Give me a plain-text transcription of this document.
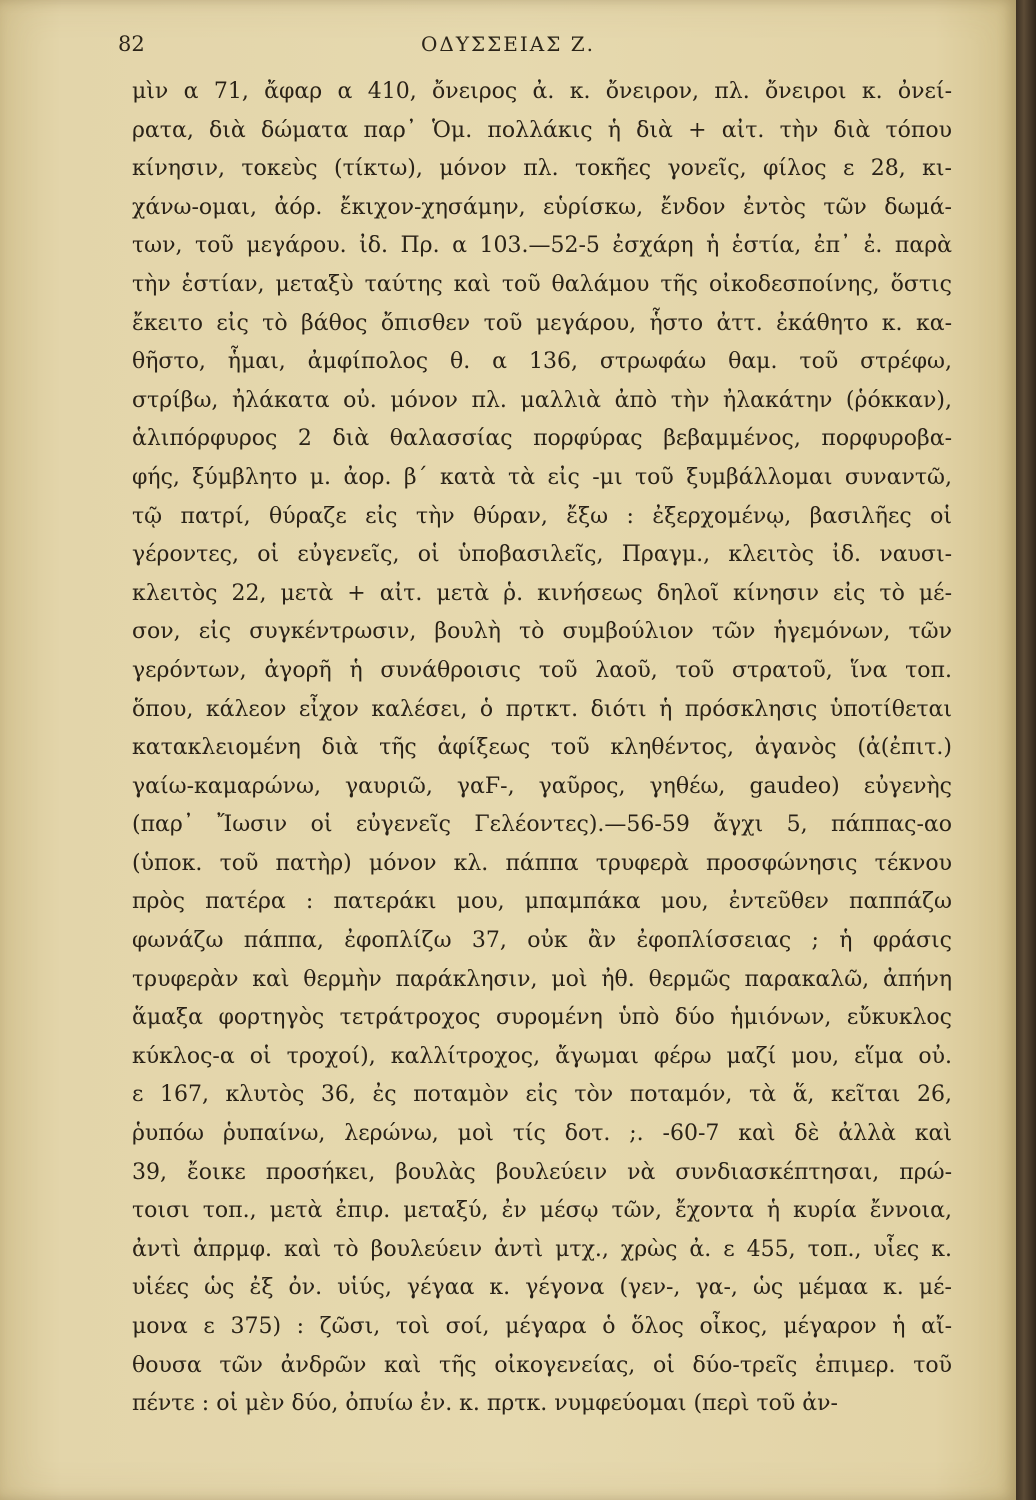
82	ΟΔΥΣΣΕΙΑΣ Ζ.
μὶν α 71, ἄφαρ α 410, ὄνειρος ἀ. κ. ὄνειρον, πλ. ὄνειροι κ. ὀνεί-
ρατα, διὰ δώματα παρ᾽ Ὁμ. πολλάκις ἡ διὰ + αἰτ. τὴν διὰ τόπου
κίνησιν, τοκεὺς (τίκτω), μόνον πλ. τοκῆες γονεῖς, φίλος ε 28, κι-
χάνω-ομαι, ἀόρ. ἔκιχον-χησάμην, εὑρίσκω, ἔνδον ἐντὸς τῶν δωμά-
των, τοῦ μεγάρου. ἰδ. Πρ. α 103.—52-5 ἐσχάρη ἡ ἑστία, ἐπ᾽ ἐ. παρὰ
τὴν ἑστίαν, μεταξὺ ταύτης καὶ τοῦ θαλάμου τῆς οἰκοδεσποίνης, ὅστις
ἔκειτο εἰς τὸ βάθος ὄπισθεν τοῦ μεγάρου, ἧστο ἀττ. ἐκάθητο κ. κα-
θῆστο, ἧμαι, ἀμφίπολος θ. α 136, στρωφάω θαμ. τοῦ στρέφω,
στρίβω, ἠλάκατα οὐ. μόνον πλ. μαλλιὰ ἀπὸ τὴν ἠλακάτην (ῥόκκαν),
ἁλιπόρφυρος 2 διὰ θαλασσίας πορφύρας βεβαμμένος, πορφυροβα-
φής, ξύμβλητο μ. ἀορ. β´ κατὰ τὰ εἰς -μι τοῦ ξυμβάλλομαι συναντῶ,
τῷ πατρί, θύραζε εἰς τὴν θύραν, ἔξω : ἐξερχομένῳ, βασιλῆες οἱ
γέροντες, οἱ εὐγενεῖς, οἱ ὑποβασιλεῖς, Πραγμ., κλειτὸς ἰδ. ναυσι-
κλειτὸς 22, μετὰ + αἰτ. μετὰ ῥ. κινήσεως δηλοῖ κίνησιν εἰς τὸ μέ-
σον, εἰς συγκέντρωσιν, βουλὴ τὸ συμβούλιον τῶν ἡγεμόνων, τῶν
γερόντων, ἀγορῆ ἡ συνάθροισις τοῦ λαοῦ, τοῦ στρατοῦ, ἵνα τοπ.
ὅπου, κάλεον εἶχον καλέσει, ὁ πρτκτ. διότι ἡ πρόσκλησις ὑποτίθεται
κατακλειομένη διὰ τῆς ἀφίξεως τοῦ κληθέντος, ἀγανὸς (ἀ(ἐπιτ.)
γαίω-καμαρώνω, γαυριῶ, γαϜ-, γαῦρος, γηθέω, gaudeo) εὐγενὴς
(παρ᾽ Ἴωσιν οἱ εὐγενεῖς Γελέοντες).—56-59 ἄγχι 5, πάππας-αο
(ὑποκ. τοῦ πατὴρ) μόνον κλ. πάππα τρυφερὰ προσφώνησις τέκνου
πρὸς πατέρα : πατεράκι μου, μπαμπάκα μου, ἐντεῦθεν παππάζω
φωνάζω πάππα, ἐφοπλίζω 37, οὐκ ἂν ἐφοπλίσσειας ; ἡ φράσις
τρυφερὰν καὶ θερμὴν παράκλησιν, μοὶ ἠθ. θερμῶς παρακαλῶ, ἀπήνη
ἅμαξα φορτηγὸς τετράτροχος συρομένη ὑπὸ δύο ἡμιόνων, εὔκυκλος
κύκλος-α οἱ τροχοί), καλλίτροχος, ἄγωμαι φέρω μαζί μου, εἵμα οὐ.
ε 167, κλυτὸς 36, ἐς ποταμὸν εἰς τὸν ποταμόν, τὰ ἅ, κεῖται 26,
ῥυπόω ῥυπαίνω, λερώνω, μοὶ τίς δοτ. ;. -60-7 καὶ δὲ ἀλλὰ καὶ
39, ἔοικε προσήκει, βουλὰς βουλεύειν νὰ συνδιασκέπτησαι, πρώ-
τοισι τοπ., μετὰ ἐπιρ. μεταξύ, ἐν μέσῳ τῶν, ἔχοντα ἡ κυρία ἔννοια,
ἀντὶ ἀπρμφ. καὶ τὸ βουλεύειν ἀντὶ μτχ., χρὼς ἀ. ε 455, τοπ., υἷες κ.
υἱέες ὡς ἐξ ὀν. υἱύς, γέγαα κ. γέγονα (γεν-, γα-, ὡς μέμαα κ. μέ-
μονα ε 375) : ζῶσι, τοὶ σοί, μέγαρα ὁ ὅλος οἶκος, μέγαρον ἡ αἴ-
θουσα τῶν ἀνδρῶν καὶ τῆς οἰκογενείας, οἱ δύο-τρεῖς ἐπιμερ. τοῦ
πέντε : οἱ μὲν δύο, ὀπυίω ἐν. κ. πρτκ. νυμφεύομαι (περὶ τοῦ ἀν-
